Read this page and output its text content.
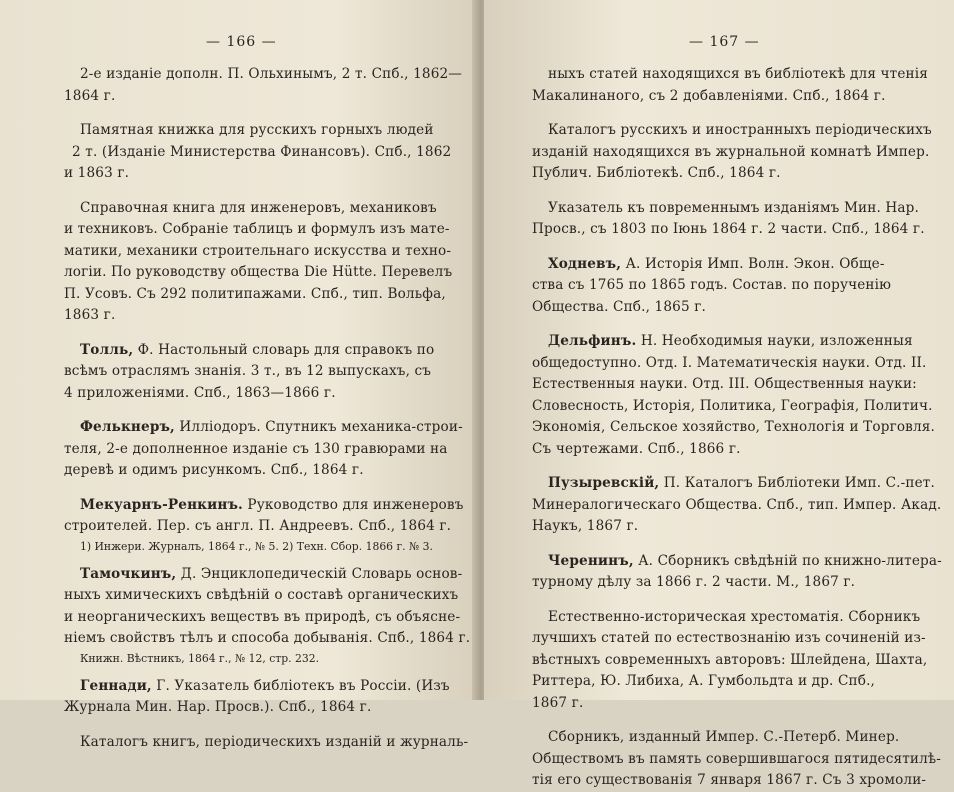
— 166 —
2-е изданіе дополн. П. Ольхинымъ, 2 т. Спб., 1862—
1864 г.
Памятная книжка для русскихъ горныхъ людей
2 т. (Изданіе Министерства Финансовъ). Спб., 1862
и 1863 г.
Справочная книга для инженеровъ, механиковъ
и техниковъ. Собраніе таблицъ и формулъ изъ мате-
матики, механики строительнаго искусства и техно-
логіи. По руководству общества Die Hütte. Перевелъ
П. Усовъ. Съ 292 политипажами. Спб., тип. Вольфа,
1863 г.
Толль, Ф. Настольный словарь для справокъ по
всѣмъ отраслямъ знанія. 3 т., въ 12 выпускахъ, съ
4 приложеніями. Спб., 1863—1866 г.
Фелькнеръ, Иллiодоръ. Спутникъ механика-строи-
теля, 2-е дополненное изданіе съ 130 гравюрами на
деревѣ и одимъ рисункомъ. Спб., 1864 г.
Мекуарнъ-Ренкинъ. Руководство для инженеровъ
строителей. Пер. съ англ. П. Андреевъ. Спб., 1864 г.
1) Инжери. Журналъ, 1864 г., № 5. 2) Техн. Сбор. 1866 г. № 3.
Тамочкинъ, Д. Энциклопедическiй Словарь основ-
ныхъ химическихъ свѣдѣній о составѣ органическихъ
и неорганическихъ веществъ въ природѣ, съ объясне-
ніемъ свойствъ тѣлъ и способа добыванія. Спб., 1864 г.
Книжн. Вѣстникъ, 1864 г., № 12, стр. 232.
Геннади, Г. Указатель библіотекъ въ Россіи. (Изъ
Журнала Мин. Нар. Просв.). Спб., 1864 г.
Каталогъ книгъ, періодическихъ изданій и журналь-
— 167 —
ныхъ статей находящихся въ библіотекѣ для чтенія
Макалинаного, съ 2 добавленіями. Спб., 1864 г.
Каталогъ русскихъ и иностранныхъ періодическихъ
изданій находящихся въ журнальной комнатѣ Импер.
Публич. Библіотекѣ. Спб., 1864 г.
Указатель къ повременнымъ изданіямъ Мин. Нар.
Просв., съ 1803 по Іюнь 1864 г. 2 части. Спб., 1864 г.
Ходневъ, А. Исторія Имп. Волн. Экон. Обще-
ства съ 1765 по 1865 годъ. Состав. по порученію
Общества. Спб., 1865 г.
Дельфинъ. Н. Необходимыя науки, изложенныя
общедоступно. Отд. I. Математическiя науки. Отд. II.
Естественныя науки. Отд. III. Общественныя науки:
Словесность, Исторія, Политика, Географія, Политич.
Экономія, Сельское хозяйство, Технологія и Торговля.
Съ чертежами. Спб., 1866 г.
Пузыревскiй, П. Каталогъ Библіотеки Имп. С.-пет.
Минералогическаго Общества. Спб., тип. Импер. Акад.
Наукъ, 1867 г.
Черенинъ, А. Сборникъ свѣдѣній по книжно-литера-
турному дѣлу за 1866 г. 2 части. М., 1867 г.
Естественно-историческая хрестоматія. Сборникъ
лучшихъ статей по естествознанію изъ сочиненій из-
вѣстныхъ современныхъ авторовъ: Шлейдена, Шахта,
Риттера, Ю. Либиха, А. Гумбольдта и др. Спб.,
1867 г.
Сборникъ, изданный Импер. С.-Петерб. Минер.
Обществомъ въ память совершившагося пятидесятилѣ-
тія его существованія 7 января 1867 г. Съ 3 хромоли-
